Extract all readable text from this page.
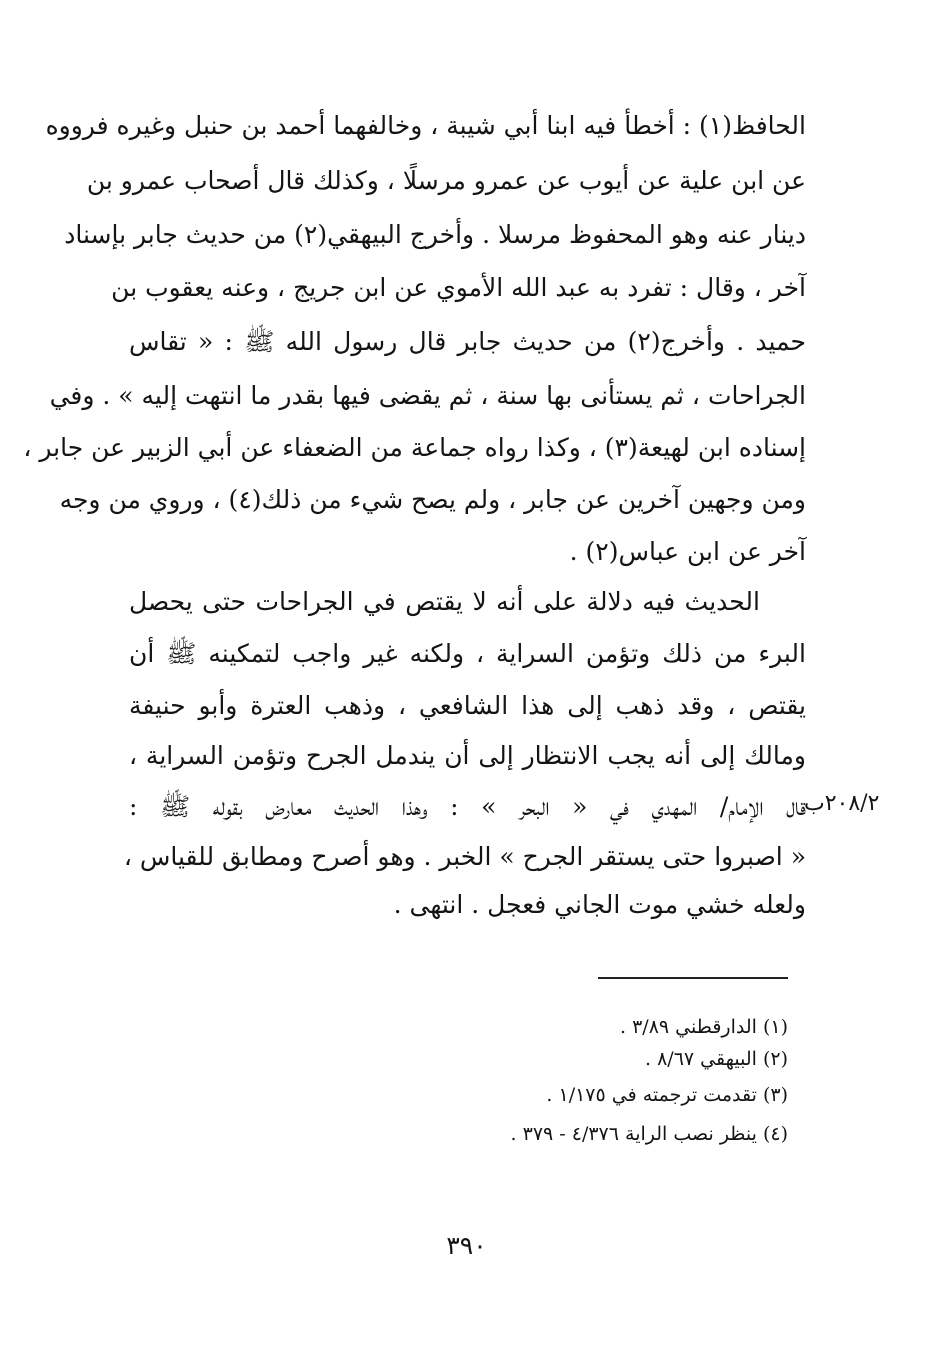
الحافظ(١) : أخطأ فيه ابنا أبي شيبة ، وخالفهما أحمد بن حنبل وغيره فرووه
عن ابن علية عن أيوب عن عمرو مرسلًا ، وكذلك قال أصحاب عمرو بن
دينار عنه وهو المحفوظ مرسلا . وأخرج البيهقي(٢) من حديث جابر بإسناد
آخر ، وقال : تفرد به عبد الله الأموي عن ابن جريج ، وعنه يعقوب بن
حميد . وأخرج(٢) من حديث جابر قال رسول الله ﷺ : « تقاس
الجراحات ، ثم يستأنى بها سنة ، ثم يقضى فيها بقدر ما انتهت إليه » . وفي
إسناده ابن لهيعة(٣) ، وكذا رواه جماعة من الضعفاء عن أبي الزبير عن جابر ،
ومن وجهين آخرين عن جابر ، ولم يصح شيء من ذلك(٤) ، وروي من وجه
آخر عن ابن عباس(٢) .
الحديث فيه دلالة على أنه لا يقتص في الجراحات حتى يحصل
البرء من ذلك وتؤمن السراية ، ولكنه غير واجب لتمكينه ﷺ أن
يقتص ، وقد ذهب إلى هذا الشافعي ، وذهب العترة وأبو حنيفة
ومالك إلى أنه يجب الانتظار إلى أن يندمل الجرح وتؤمن السراية ،
قال الإمام/ المهدي في « البحر » : وهذا الحديث معارض بقوله ﷺ :
« اصبروا حتى يستقر الجرح » الخبر . وهو أصرح ومطابق للقياس ،
ولعله خشي موت الجاني فعجل . انتهى .
٢٠٨/٢ب
(١) الدارقطني ٣/٨٩ .
(٢) البيهقي ٨/٦٧ .
(٣) تقدمت ترجمته في ١/١٧٥ .
(٤) ينظر نصب الراية ٤/٣٧٦ - ٣٧٩ .
٣٩٠
